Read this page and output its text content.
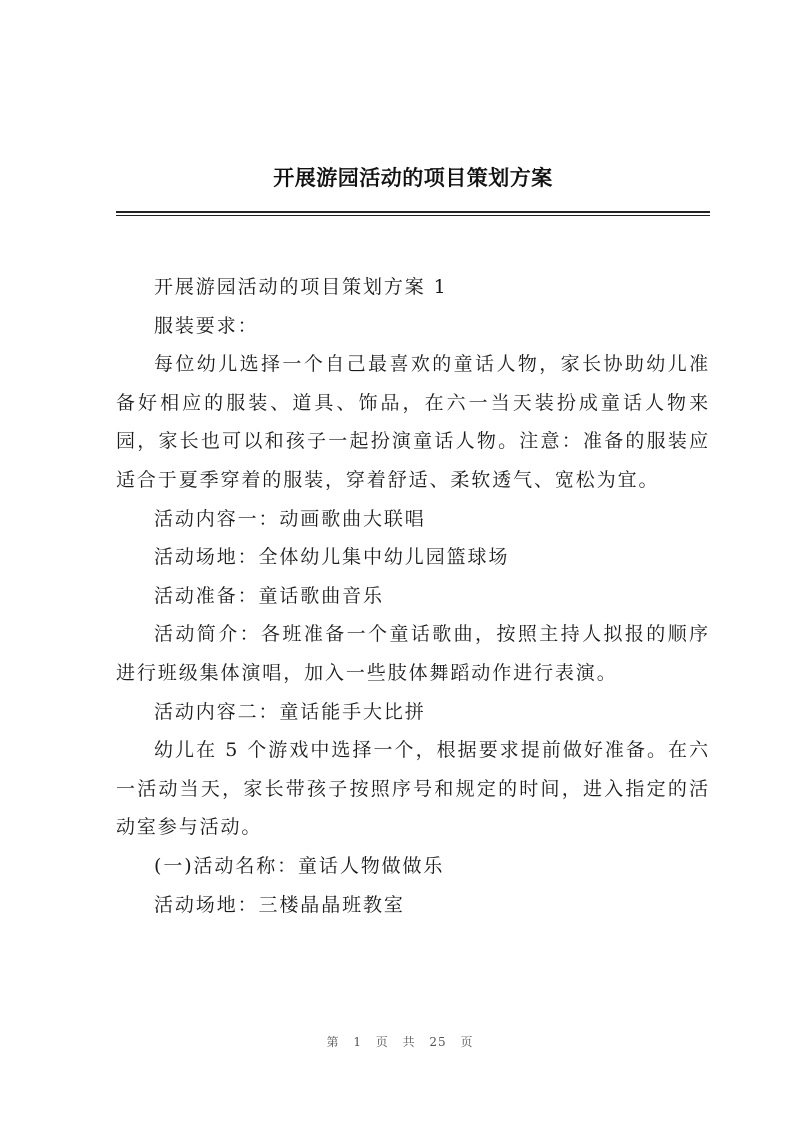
开展游园活动的项目策划方案

开展游园活动的项目策划方案 1

服装要求：

每位幼儿选择一个自己最喜欢的童话人物，家长协助幼儿准备好相应的服装、道具、饰品，在六一当天装扮成童话人物来园，家长也可以和孩子一起扮演童话人物。注意：准备的服装应适合于夏季穿着的服装，穿着舒适、柔软透气、宽松为宜。

活动内容一：动画歌曲大联唱

活动场地：全体幼儿集中幼儿园篮球场

活动准备：童话歌曲音乐

活动简介：各班准备一个童话歌曲，按照主持人拟报的顺序进行班级集体演唱，加入一些肢体舞蹈动作进行表演。

活动内容二：童话能手大比拼

幼儿在 5 个游戏中选择一个，根据要求提前做好准备。在六一活动当天，家长带孩子按照序号和规定的时间，进入指定的活动室参与活动。

(一)活动名称：童话人物做做乐

活动场地：三楼晶晶班教室

第 1 页 共 25 页
